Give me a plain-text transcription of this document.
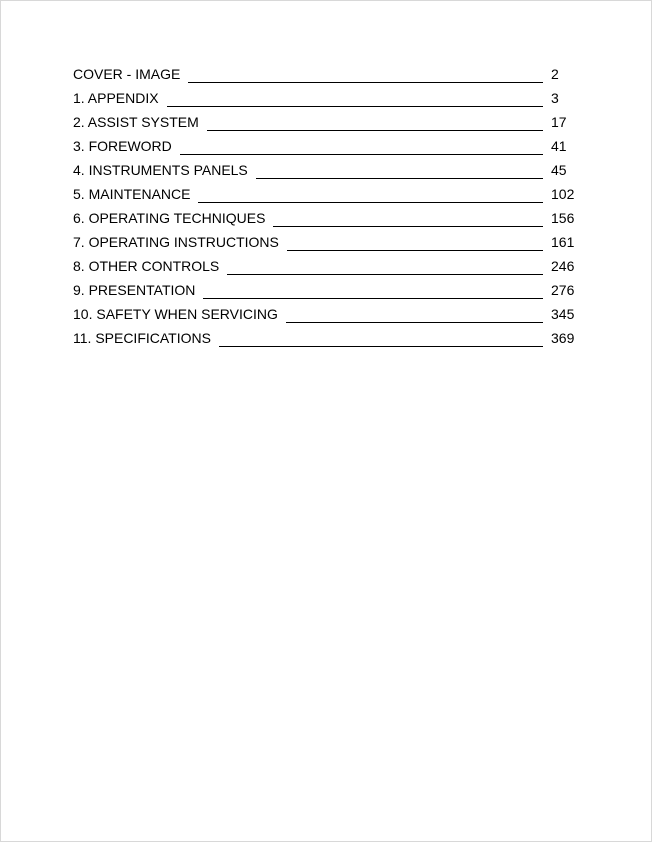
COVER - IMAGE	2
1. APPENDIX	3
2. ASSIST SYSTEM	17
3. FOREWORD	41
4. INSTRUMENTS PANELS	45
5. MAINTENANCE	102
6. OPERATING TECHNIQUES	156
7. OPERATING INSTRUCTIONS	161
8. OTHER CONTROLS	246
9. PRESENTATION	276
10. SAFETY WHEN SERVICING	345
11. SPECIFICATIONS	369
